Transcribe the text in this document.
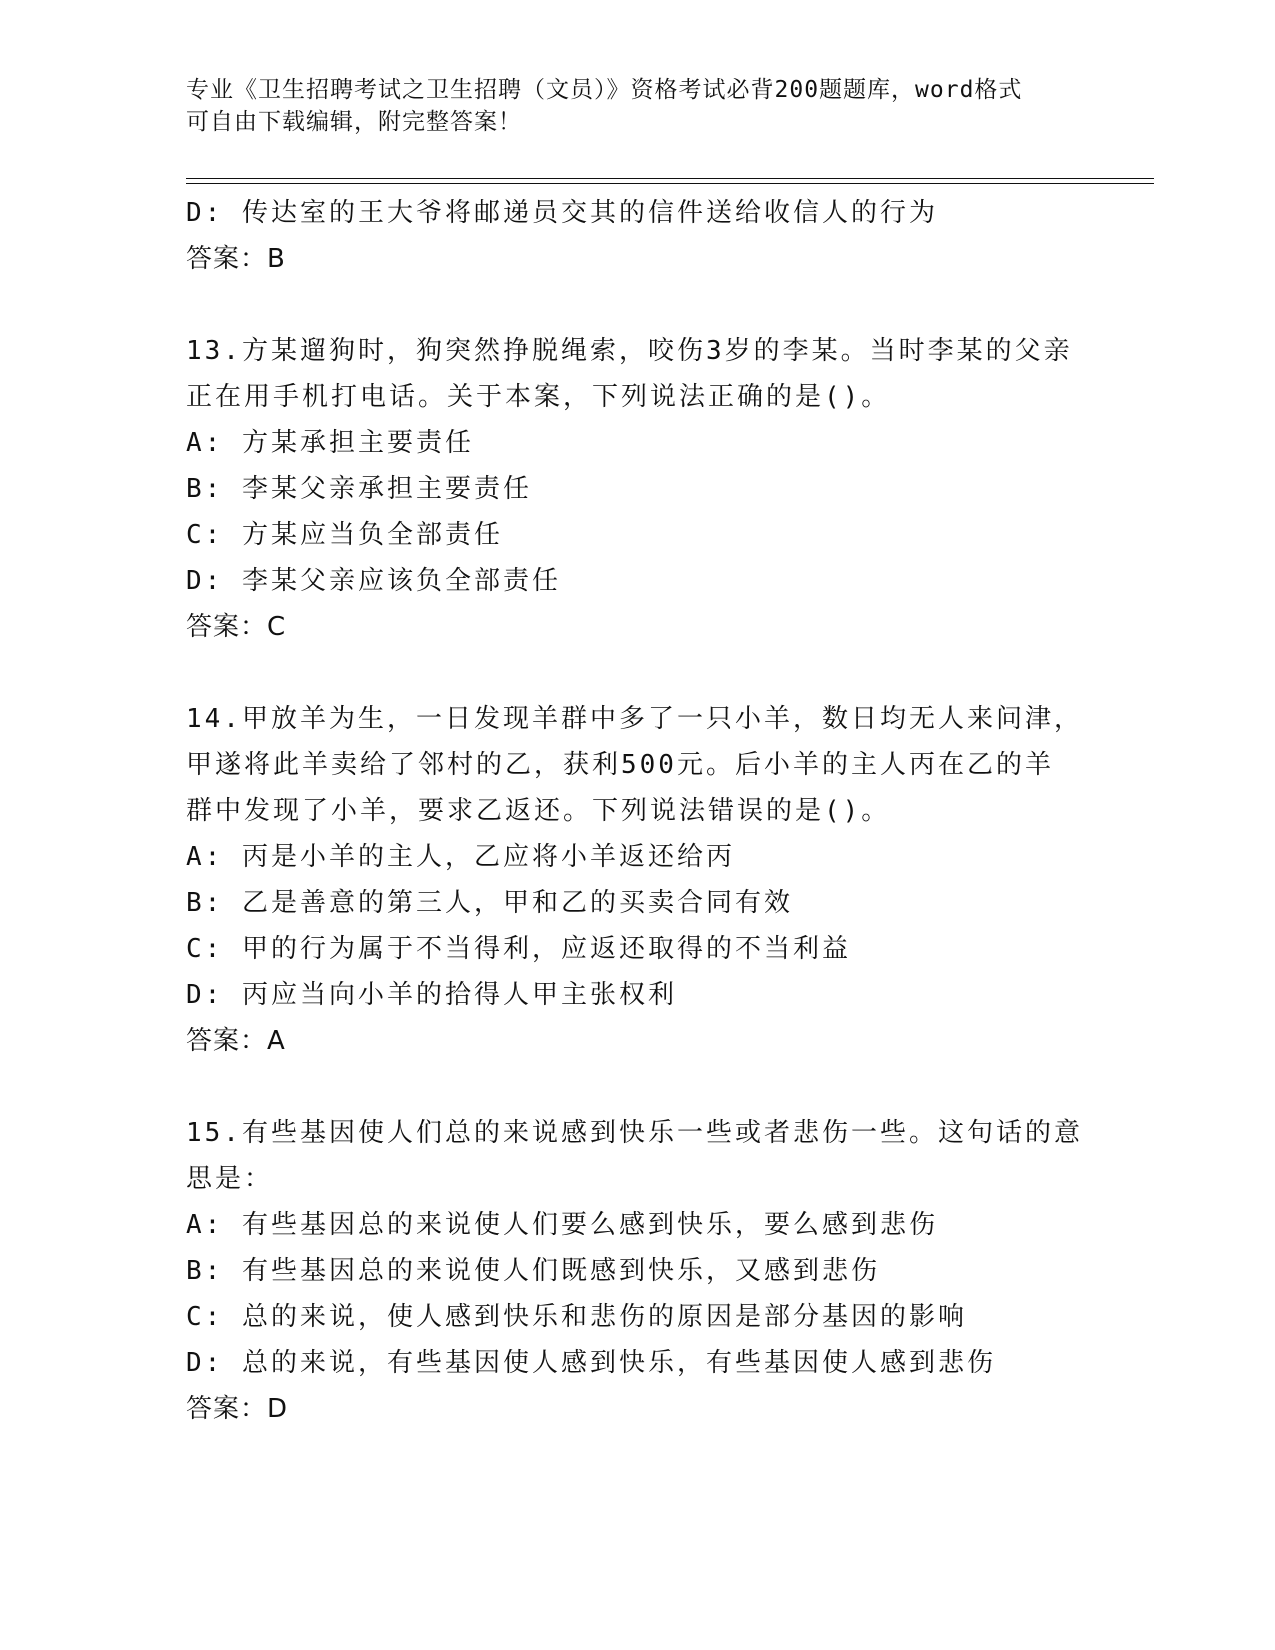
专业《卫生招聘考试之卫生招聘（文员）》资格考试必背200题题库，word格式
可自由下载编辑，附完整答案！
D: 传达室的王大爷将邮递员交其的信件送给收信人的行为
答案：B
13.方某遛狗时，狗突然挣脱绳索，咬伤3岁的李某。当时李某的父亲
正在用手机打电话。关于本案，下列说法正确的是()。
A: 方某承担主要责任
B: 李某父亲承担主要责任
C: 方某应当负全部责任
D: 李某父亲应该负全部责任
答案：C
14.甲放羊为生，一日发现羊群中多了一只小羊，数日均无人来问津，
甲遂将此羊卖给了邻村的乙，获利500元。后小羊的主人丙在乙的羊
群中发现了小羊，要求乙返还。下列说法错误的是()。
A: 丙是小羊的主人，乙应将小羊返还给丙
B: 乙是善意的第三人，甲和乙的买卖合同有效
C: 甲的行为属于不当得利，应返还取得的不当利益
D: 丙应当向小羊的拾得人甲主张权利
答案：A
15.有些基因使人们总的来说感到快乐一些或者悲伤一些。这句话的意
思是：
A: 有些基因总的来说使人们要么感到快乐，要么感到悲伤
B: 有些基因总的来说使人们既感到快乐，又感到悲伤
C: 总的来说，使人感到快乐和悲伤的原因是部分基因的影响
D: 总的来说，有些基因使人感到快乐，有些基因使人感到悲伤
答案：D
